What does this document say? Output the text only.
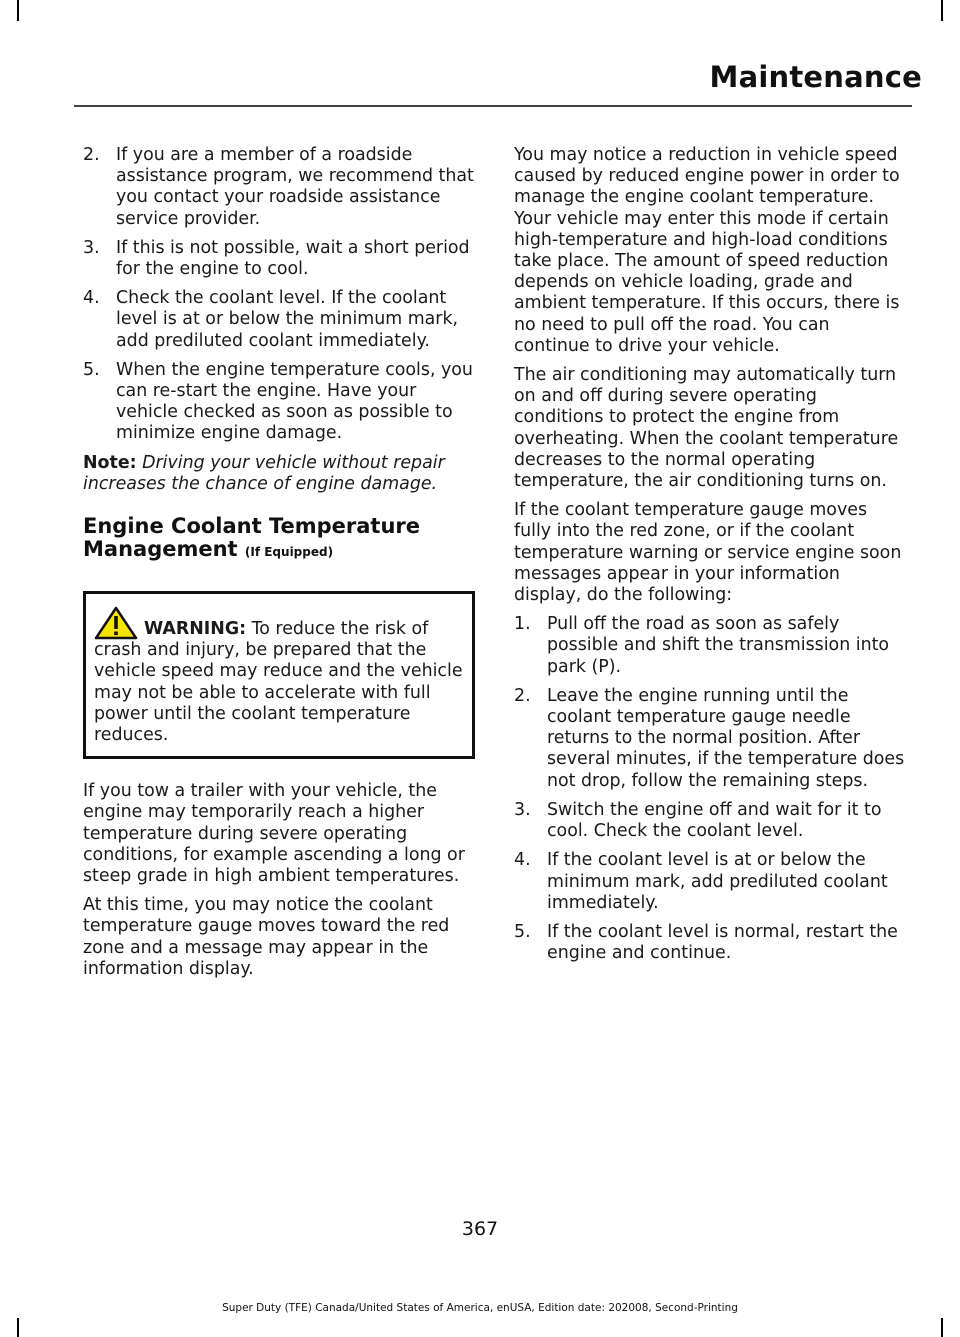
Maintenance
2. If you are a member of a roadside assistance program, we recommend that you contact your roadside assistance service provider.
3. If this is not possible, wait a short period for the engine to cool.
4. Check the coolant level. If the coolant level is at or below the minimum mark, add prediluted coolant immediately.
5. When the engine temperature cools, you can re-start the engine. Have your vehicle checked as soon as possible to minimize engine damage.

Note: Driving your vehicle without repair increases the chance of engine damage.

Engine Coolant Temperature Management (If Equipped)
WARNING: To reduce the risk of crash and injury, be prepared that the vehicle speed may reduce and the vehicle may not be able to accelerate with full power until the coolant temperature reduces.

If you tow a trailer with your vehicle, the engine may temporarily reach a higher temperature during severe operating conditions, for example ascending a long or steep grade in high ambient temperatures.

At this time, you may notice the coolant temperature gauge moves toward the red zone and a message may appear in the information display.

You may notice a reduction in vehicle speed caused by reduced engine power in order to manage the engine coolant temperature. Your vehicle may enter this mode if certain high-temperature and high-load conditions take place. The amount of speed reduction depends on vehicle loading, grade and ambient temperature. If this occurs, there is no need to pull off the road. You can continue to drive your vehicle.

The air conditioning may automatically turn on and off during severe operating conditions to protect the engine from overheating. When the coolant temperature decreases to the normal operating temperature, the air conditioning turns on.

If the coolant temperature gauge moves fully into the red zone, or if the coolant temperature warning or service engine soon messages appear in your information display, do the following:

1. Pull off the road as soon as safely possible and shift the transmission into park (P).
2. Leave the engine running until the coolant temperature gauge needle returns to the normal position. After several minutes, if the temperature does not drop, follow the remaining steps.
3. Switch the engine off and wait for it to cool. Check the coolant level.
4. If the coolant level is at or below the minimum mark, add prediluted coolant immediately.
5. If the coolant level is normal, restart the engine and continue.
367
Super Duty (TFE) Canada/United States of America, enUSA, Edition date: 202008, Second-Printing
